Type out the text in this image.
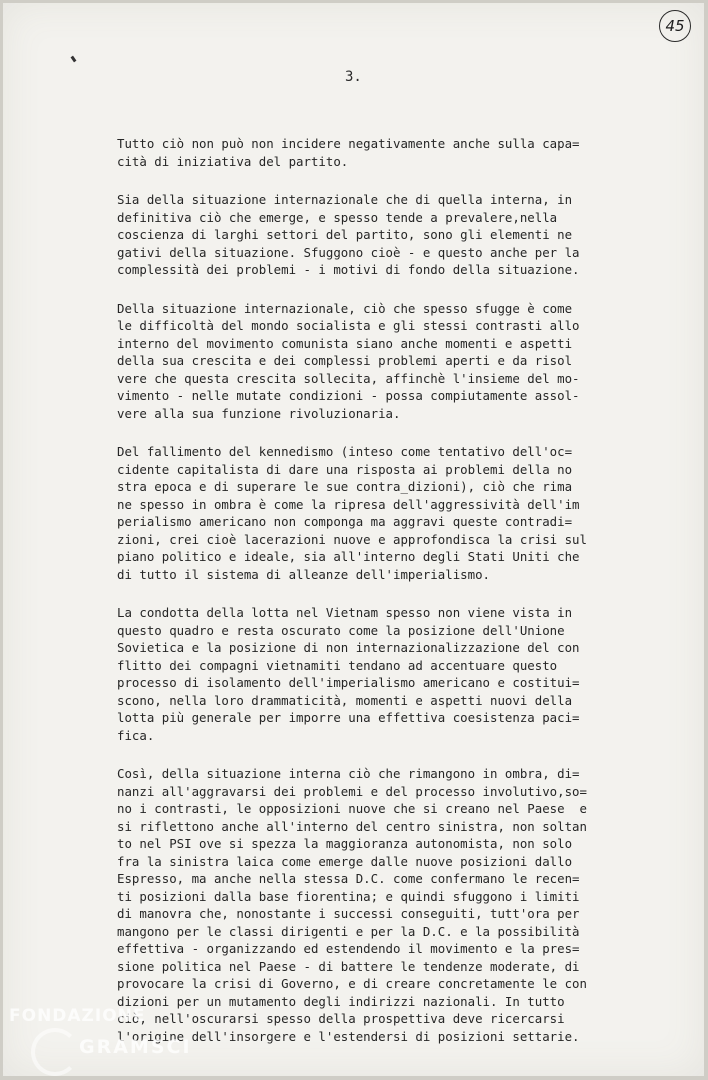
45
3.
Tutto ciò non può non incidere negativamente anche sulla capa=
cità di iniziativa del partito.
Sia della situazione internazionale che di quella interna, in
definitiva ciò che emerge, e spesso tende a prevalere,nella
coscienza di larghi settori del partito, sono gli elementi ne
gativi della situazione. Sfuggono cioè - e questo anche per la
complessità dei problemi - i motivi di fondo della situazione.
Della situazione internazionale, ciò che spesso sfugge è come
le difficoltà del mondo socialista e gli stessi contrasti allo
interno del movimento comunista siano anche momenti e aspetti
della sua crescita e dei complessi problemi aperti e da risol
vere che questa crescita sollecita, affinchè l'insieme del mo-
vimento - nelle mutate condizioni - possa compiutamente assol-
vere alla sua funzione rivoluzionaria.
Del fallimento del kennedismo (inteso come tentativo dell'oc=
cidente capitalista di dare una risposta ai problemi della no
stra epoca e di superare le sue contra_dizioni), ciò che rima
ne spesso in ombra è come la ripresa dell'aggressività dell'im
perialismo americano non componga ma aggravi queste contradi=
zioni, crei cioè lacerazioni nuove e approfondisca la crisi sul
piano politico e ideale, sia all'interno degli Stati Uniti che
di tutto il sistema di alleanze dell'imperialismo.
La condotta della lotta nel Vietnam spesso non viene vista in
questo quadro e resta oscurato come la posizione dell'Unione
Sovietica e la posizione di non internazionalizzazione del con
flitto dei compagni vietnamiti tendano ad accentuare questo
processo di isolamento dell'imperialismo americano e costitui=
scono, nella loro drammaticità, momenti e aspetti nuovi della
lotta più generale per imporre una effettiva coesistenza paci=
fica.
Così, della situazione interna ciò che rimangono in ombra, di=
nanzi all'aggravarsi dei problemi e del processo involutivo,so=
no i contrasti, le opposizioni nuove che si creano nel Paese  e
si riflettono anche all'interno del centro sinistra, non soltan
to nel PSI ove si spezza la maggioranza autonomista, non solo
fra la sinistra laica come emerge dalle nuove posizioni dallo
Espresso, ma anche nella stessa D.C. come confermano le recen=
ti posizioni dalla base fiorentina; e quindi sfuggono i limiti
di manovra che, nonostante i successi conseguiti, tutt'ora per
mangono per le classi dirigenti e per la D.C. e la possibilità
effettiva - organizzando ed estendendo il movimento e la pres=
sione politica nel Paese - di battere le tendenze moderate, di
provocare la crisi di Governo, e di creare concretamente le con
dizioni per un mutamento degli indirizzi nazionali. In tutto
ciò, nell'oscurarsi spesso della prospettiva deve ricercarsi
l'origine dell'insorgere e l'estendersi di posizioni settarie.
FONDAZIONE
GRAMSCI
